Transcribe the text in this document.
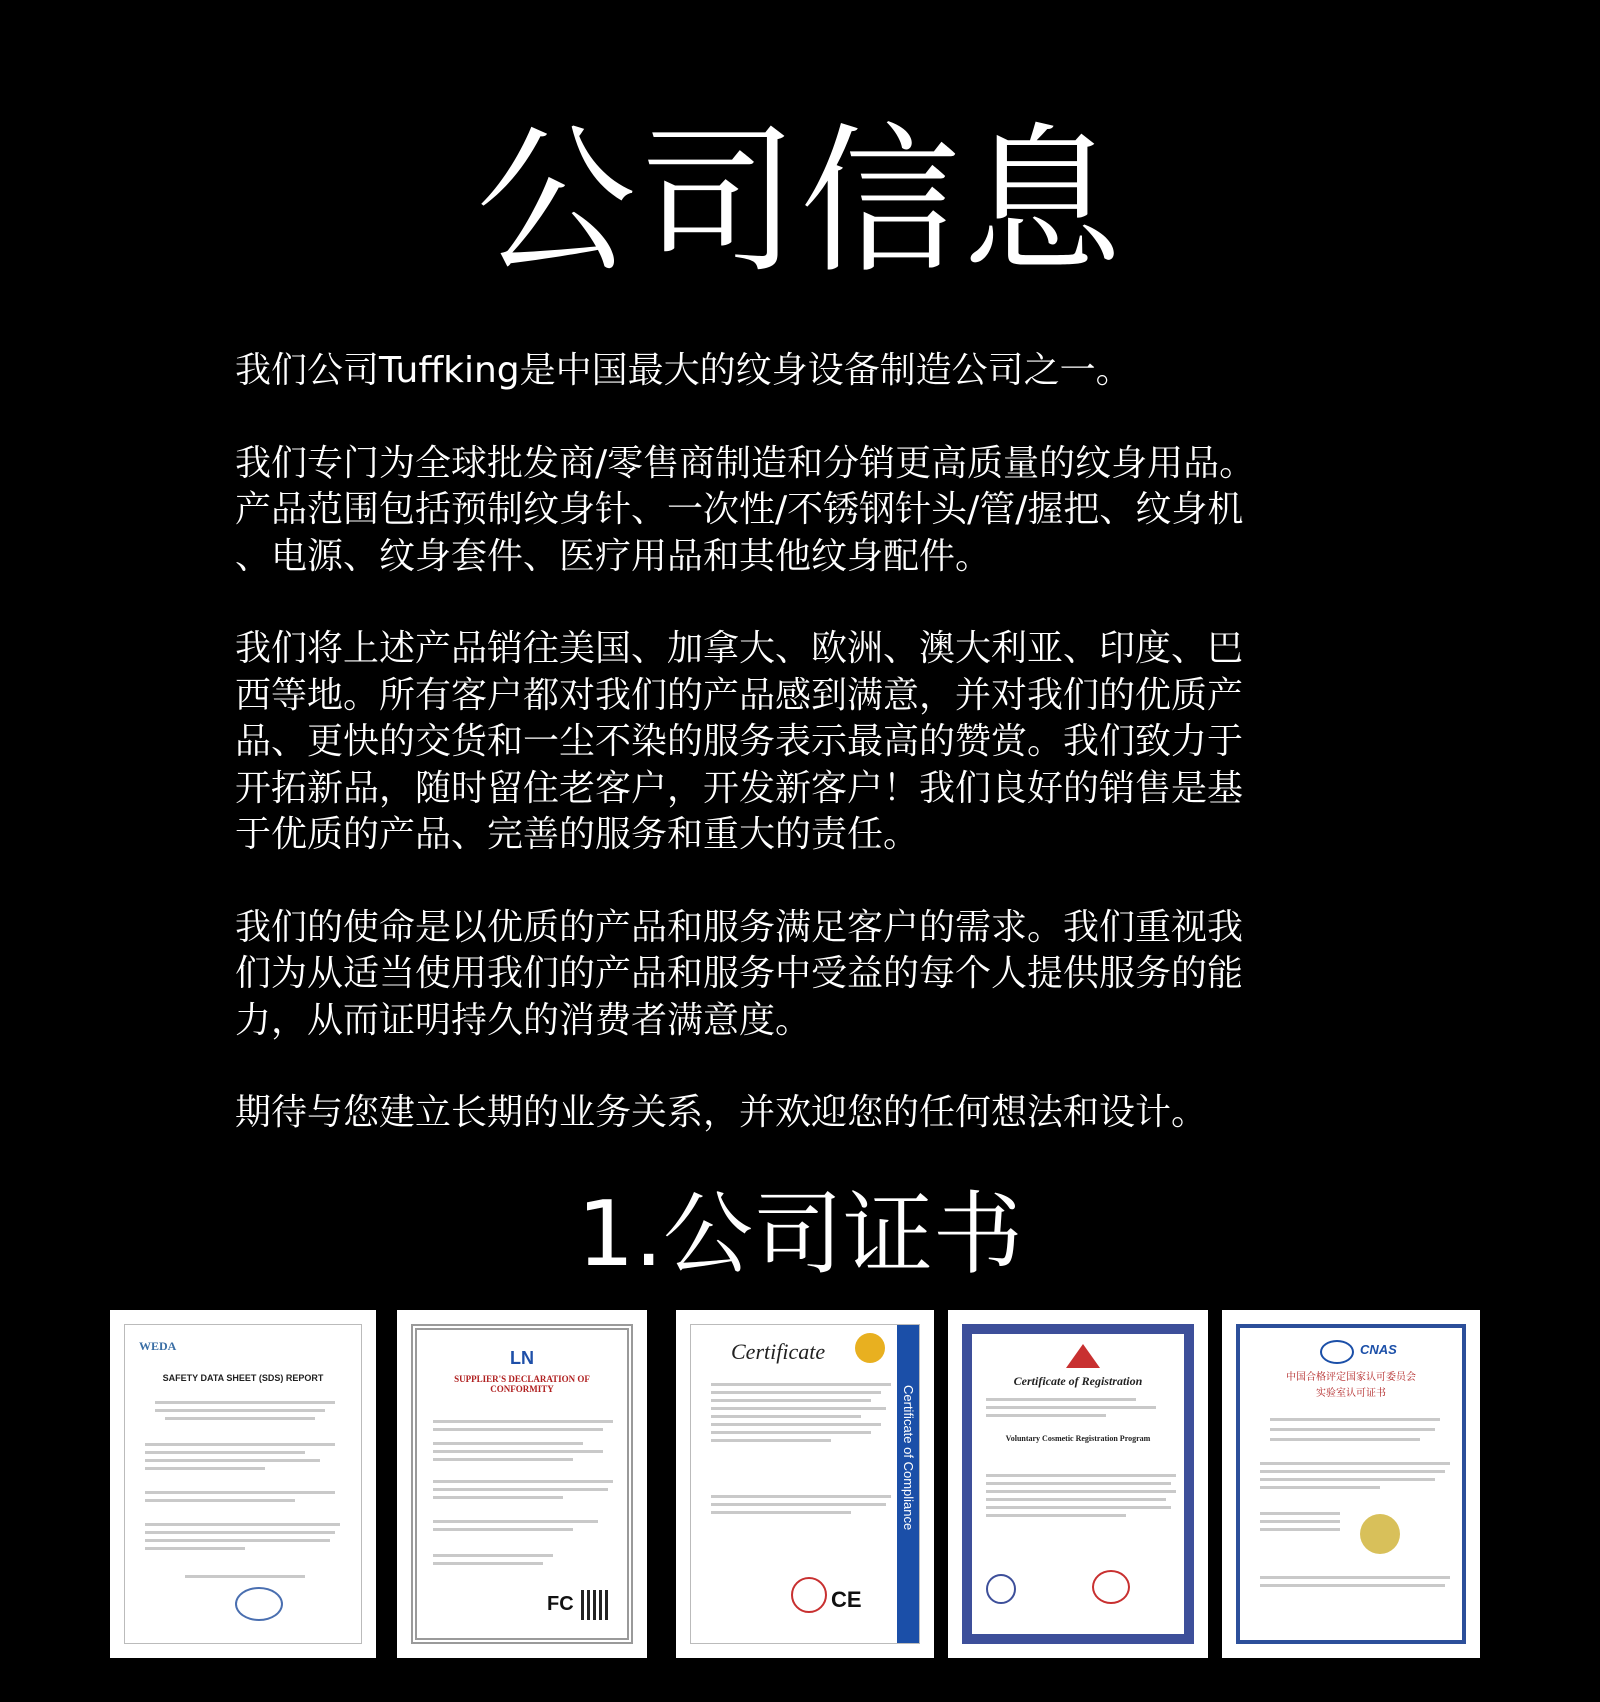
公司信息
我们公司Tuffking是中国最大的纹身设备制造公司之一。
我们专门为全球批发商/零售商制造和分销更高质量的纹身用品。
产品范围包括预制纹身针、一次性/不锈钢针头/管/握把、纹身机
、电源、纹身套件、医疗用品和其他纹身配件。
我们将上述产品销往美国、加拿大、欧洲、澳大利亚、印度、巴
西等地。所有客户都对我们的产品感到满意，并对我们的优质产
品、更快的交货和一尘不染的服务表示最高的赞赏。我们致力于
开拓新品，随时留住老客户，开发新客户！我们良好的销售是基
于优质的产品、完善的服务和重大的责任。
我们的使命是以优质的产品和服务满足客户的需求。我们重视我
们为从适当使用我们的产品和服务中受益的每个人提供服务的能
力，从而证明持久的消费者满意度。
期待与您建立长期的业务关系，并欢迎您的任何想法和设计。
1.公司证书
WEDA
SAFETY DATA SHEET (SDS) REPORT
LN
SUPPLIER'S DECLARATION OF CONFORMITY
FC
Certificate
Certificate of Compliance
CE
Certificate of Registration
Voluntary Cosmetic Registration Program
CNAS
中国合格评定国家认可委员会
实验室认可证书
